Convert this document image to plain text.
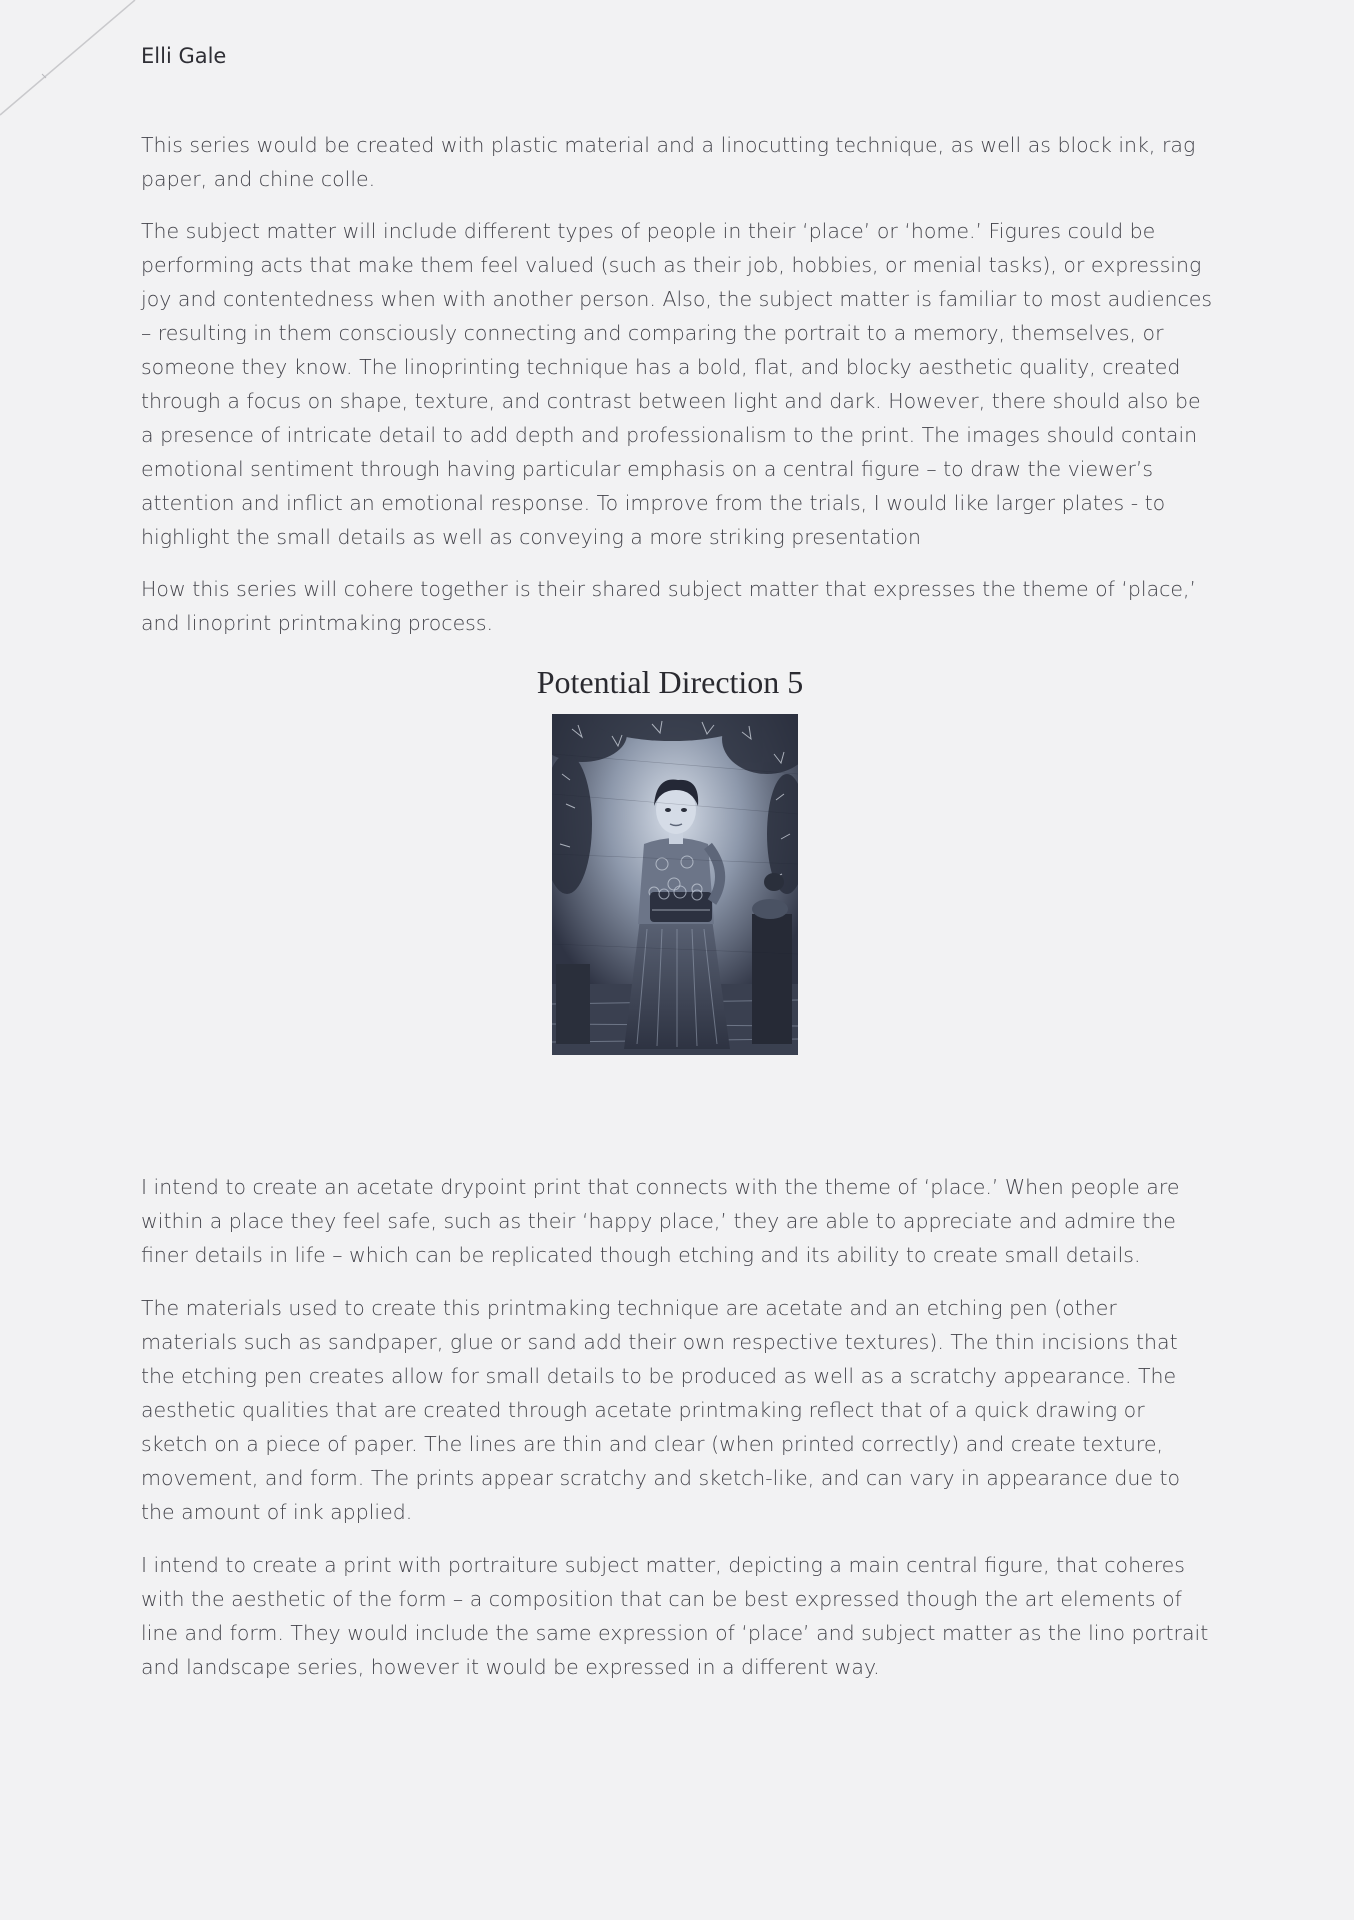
Elli Gale

This series would be created with plastic material and a linocutting technique, as well as block ink, rag paper, and chine colle.

The subject matter will include different types of people in their ‘place’ or ‘home.’ Figures could be performing acts that make them feel valued (such as their job, hobbies, or menial tasks), or expressing joy and contentedness when with another person. Also, the subject matter is familiar to most audiences – resulting in them consciously connecting and comparing the portrait to a memory, themselves, or someone they know. The linoprinting technique has a bold, flat, and blocky aesthetic quality, created through a focus on shape, texture, and contrast between light and dark. However, there should also be a presence of intricate detail to add depth and professionalism to the print. The images should contain emotional sentiment through having particular emphasis on a central figure – to draw the viewer’s attention and inflict an emotional response. To improve from the trials, I would like larger plates - to highlight the small details as well as conveying a more striking presentation

How this series will cohere together is their shared subject matter that expresses the theme of ‘place,’ and linoprint printmaking process.

Potential Direction 5

I intend to create an acetate drypoint print that connects with the theme of ‘place.’ When people are within a place they feel safe, such as their ‘happy place,’ they are able to appreciate and admire the finer details in life – which can be replicated though etching and its ability to create small details.

The materials used to create this printmaking technique are acetate and an etching pen (other materials such as sandpaper, glue or sand add their own respective textures). The thin incisions that the etching pen creates allow for small details to be produced as well as a scratchy appearance. The aesthetic qualities that are created through acetate printmaking reflect that of a quick drawing or sketch on a piece of paper. The lines are thin and clear (when printed correctly) and create texture, movement, and form. The prints appear scratchy and sketch-like, and can vary in appearance due to the amount of ink applied.

I intend to create a print with portraiture subject matter, depicting a main central figure, that coheres with the aesthetic of the form – a composition that can be best expressed though the art elements of line and form. They would include the same expression of ‘place’ and subject matter as the lino portrait and landscape series, however it would be expressed in a different way.
